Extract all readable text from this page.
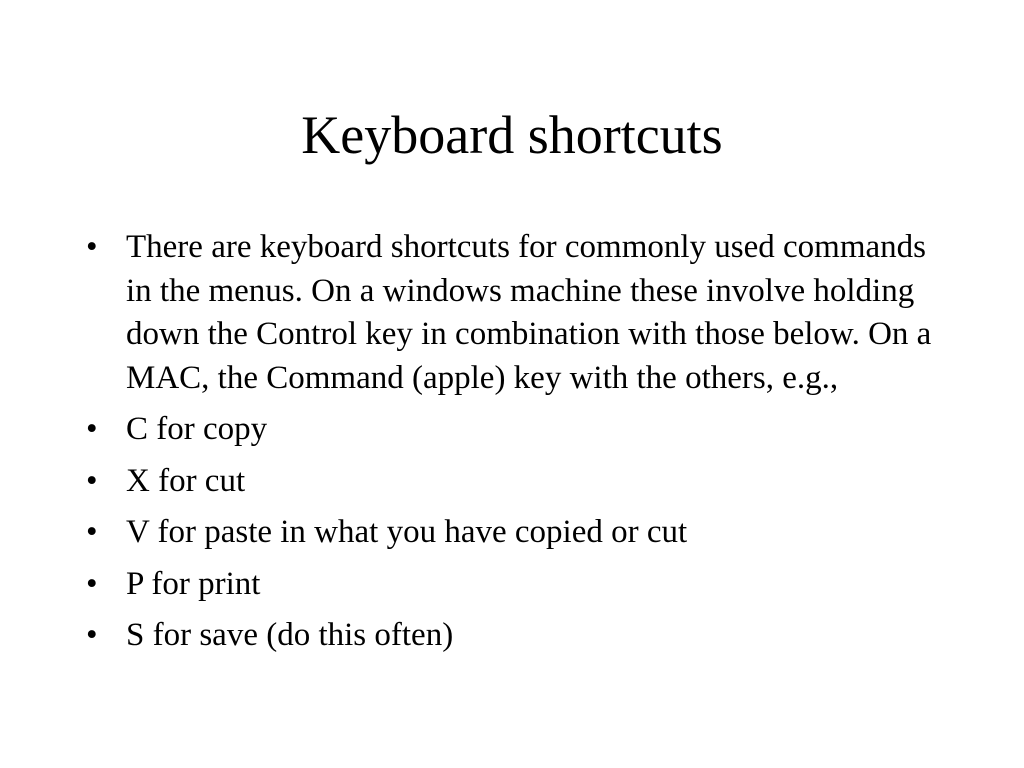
Keyboard shortcuts
• There are keyboard shortcuts for commonly used commands in the menus. On a windows machine these involve holding down the Control key in combination with those below. On a MAC, the Command (apple) key with the others, e.g.,
• C for copy
• X for cut
• V for paste in what you have copied or cut
• P for print
• S for save (do this often)
